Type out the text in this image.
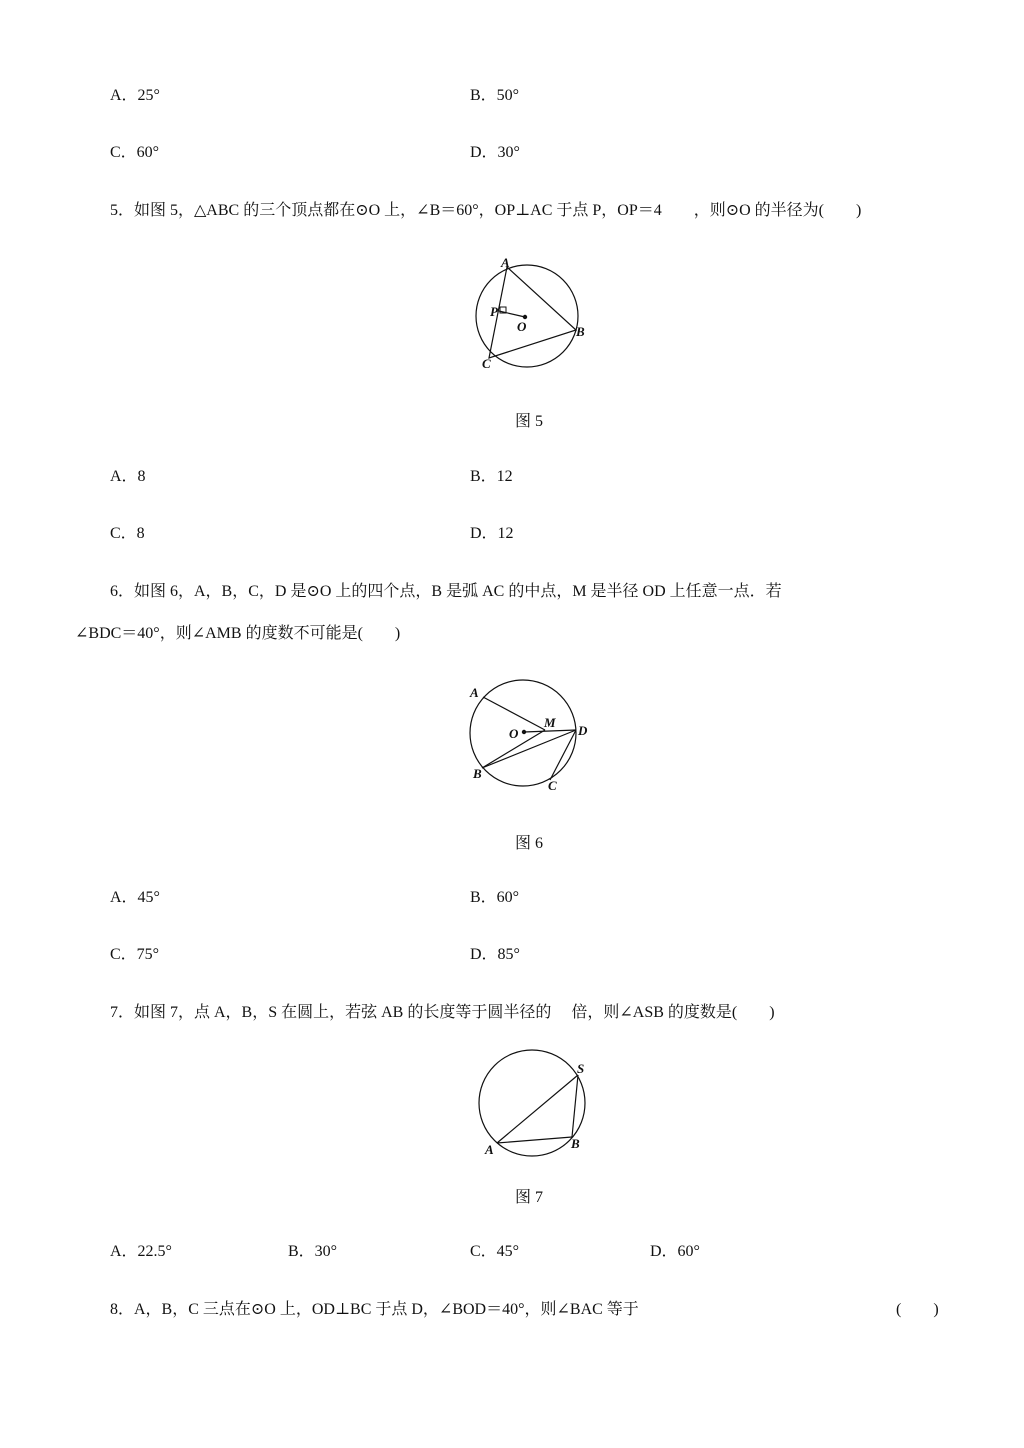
A．25°	B．50°
C．60°	D．30°
5．如图 5，△ABC 的三个顶点都在⊙O 上，∠B＝60°，OP⊥AC 于点 P，OP＝4　　，则⊙O 的半径为(　　)
A
P
O	B
C
图 5
A．8	B．12
C．8	D．12
6．如图 6，A，B，C，D 是⊙O 上的四个点，B 是弧 AC 的中点，M 是半径 OD 上任意一点．若
∠BDC＝40°，则∠AMB 的度数不可能是(　　)
A
M
O	D
B
C
图 6
A．45°	B．60°
C．75°	D．85°
7．如图 7，点 A，B，S 在圆上，若弦 AB 的长度等于圆半径的　 倍，则∠ASB 的度数是(　　)
S
A	B
图 7
A．22.5°	B．30°	C．45°	D．60°
8．A，B，C 三点在⊙O 上，OD⊥BC 于点 D，∠BOD＝40°，则∠BAC 等于	(　　)
